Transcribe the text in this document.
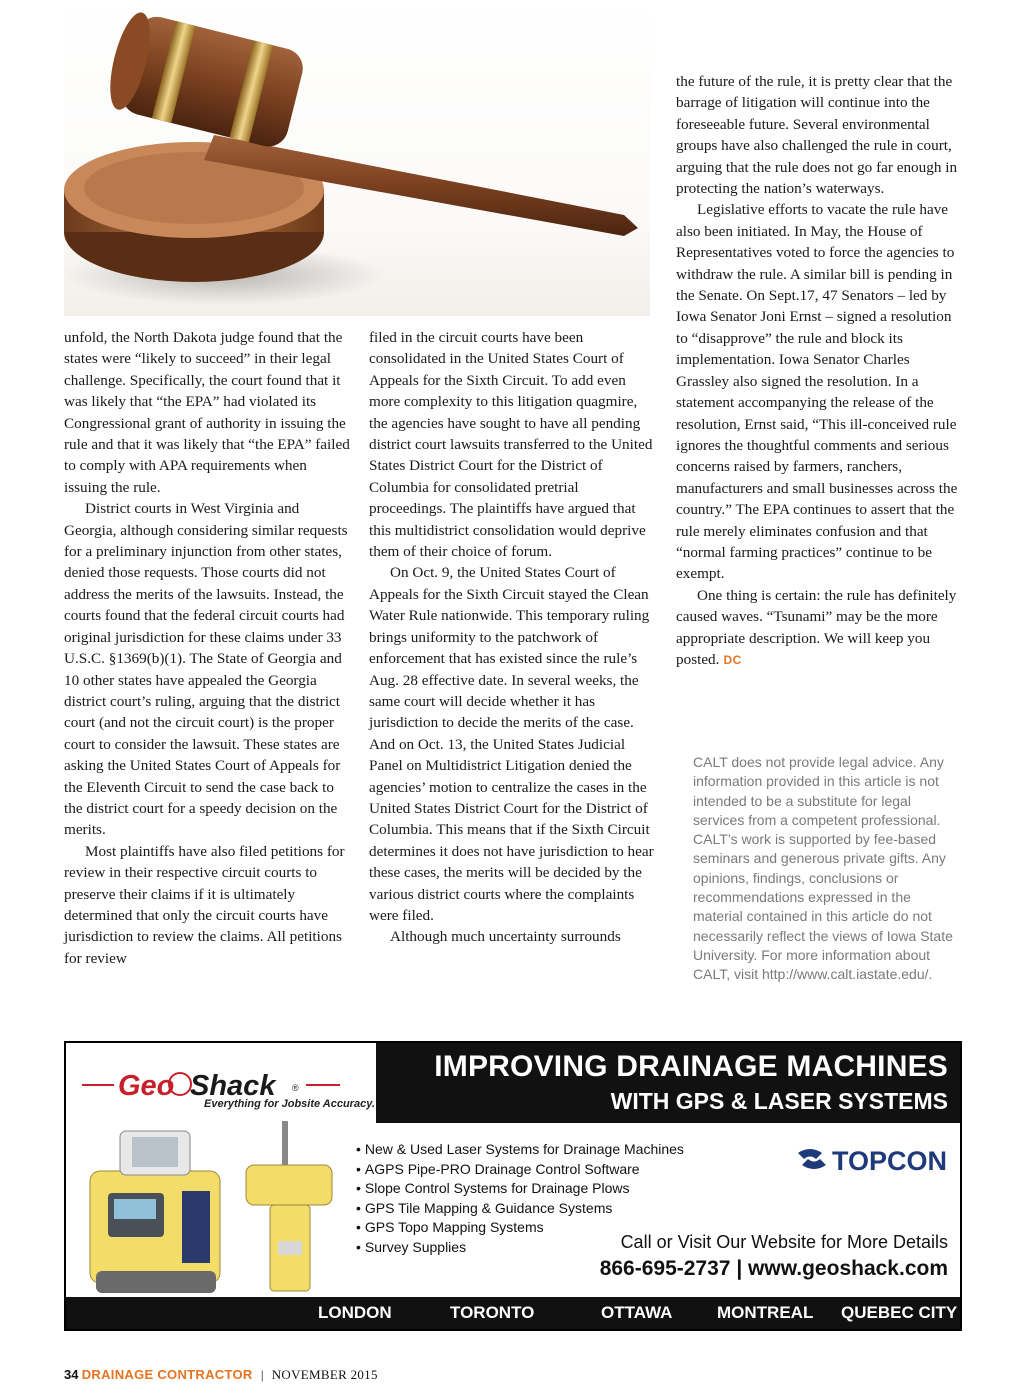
unfold, the North Dakota judge found that the states were “likely to succeed” in their legal challenge. Specifically, the court found that it was likely that “the EPA” had violated its Congressional grant of authority in issuing the rule and that it was likely that “the EPA” failed to comply with APA requirements when issuing the rule.

District courts in West Virginia and Georgia, although considering similar requests for a preliminary injunction from other states, denied those requests. Those courts did not address the merits of the lawsuits. Instead, the courts found that the federal circuit courts had original jurisdiction for these claims under 33 U.S.C. §1369(b)(1). The State of Georgia and 10 other states have appealed the Georgia district court’s ruling, arguing that the district court (and not the circuit court) is the proper court to consider the lawsuit. These states are asking the United States Court of Appeals for the Eleventh Circuit to send the case back to the district court for a speedy decision on the merits.

Most plaintiffs have also filed petitions for review in their respective circuit courts to preserve their claims if it is ultimately determined that only the circuit courts have jurisdiction to review the claims. All petitions for review

filed in the circuit courts have been consolidated in the United States Court of Appeals for the Sixth Circuit. To add even more complexity to this litigation quagmire, the agencies have sought to have all pending district court lawsuits transferred to the United States District Court for the District of Columbia for consolidated pretrial proceedings. The plaintiffs have argued that this multidistrict consolidation would deprive them of their choice of forum.

On Oct. 9, the United States Court of Appeals for the Sixth Circuit stayed the Clean Water Rule nationwide. This temporary ruling brings uniformity to the patchwork of enforcement that has existed since the rule’s Aug. 28 effective date. In several weeks, the same court will decide whether it has jurisdiction to decide the merits of the case. And on Oct. 13, the United States Judicial Panel on Multidistrict Litigation denied the agencies’ motion to centralize the cases in the United States District Court for the District of Columbia. This means that if the Sixth Circuit determines it does not have jurisdiction to hear these cases, the merits will be decided by the various district courts where the complaints were filed.

Although much uncertainty surrounds

the future of the rule, it is pretty clear that the barrage of litigation will continue into the foreseeable future. Several environmental groups have also challenged the rule in court, arguing that the rule does not go far enough in protecting the nation’s waterways.

Legislative efforts to vacate the rule have also been initiated. In May, the House of Representatives voted to force the agencies to withdraw the rule. A similar bill is pending in the Senate. On Sept.17, 47 Senators – led by Iowa Senator Joni Ernst – signed a resolution to “disapprove” the rule and block its implementation. Iowa Senator Charles Grassley also signed the resolution. In a statement accompanying the release of the resolution, Ernst said, “This ill-conceived rule ignores the thoughtful comments and serious concerns raised by farmers, ranchers, manufacturers and small businesses across the country.” The EPA continues to assert that the rule merely eliminates confusion and that “normal farming practices” continue to be exempt.

One thing is certain: the rule has definitely caused waves. “Tsunami” may be the more appropriate description. We will keep you posted. DC

CALT does not provide legal advice. Any information provided in this article is not intended to be a substitute for legal services from a competent professional. CALT’s work is supported by fee-based seminars and generous private gifts. Any opinions, findings, conclusions or recommendations expressed in the material contained in this article do not necessarily reflect the views of Iowa State University. For more information about CALT, visit http://www.calt.iastate.edu/.
Geo Shack ®
Everything for Jobsite Accuracy.
IMPROVING DRAINAGE MACHINES
WITH GPS & LASER SYSTEMS
• New & Used Laser Systems for Drainage Machines
• AGPS Pipe-PRO Drainage Control Software
• Slope Control Systems for Drainage Plows
• GPS Tile Mapping & Guidance Systems
• GPS Topo Mapping Systems
• Survey Supplies
TOPCON
Call or Visit Our Website for More Details
866-695-2737 | www.geoshack.com
LONDON	TORONTO	OTTAWA	MONTREAL QUEBEC CITY
34 DRAINAGE CONTRACTOR | NOVEMBER 2015
